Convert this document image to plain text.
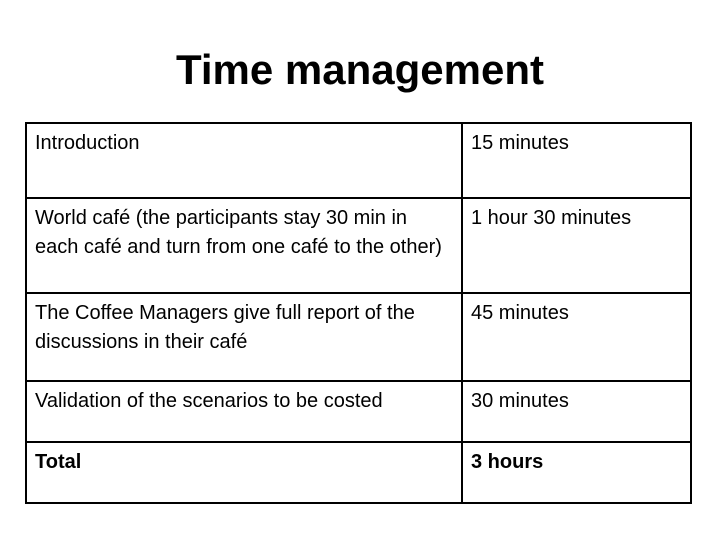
Time management
Introduction	15 minutes
World café (the participants stay 30 min in each café and turn from one café to the other)	1 hour 30 minutes
The Coffee Managers give full report of the discussions in their café	45 minutes
Validation of the scenarios to be costed	30 minutes
Total	3 hours
